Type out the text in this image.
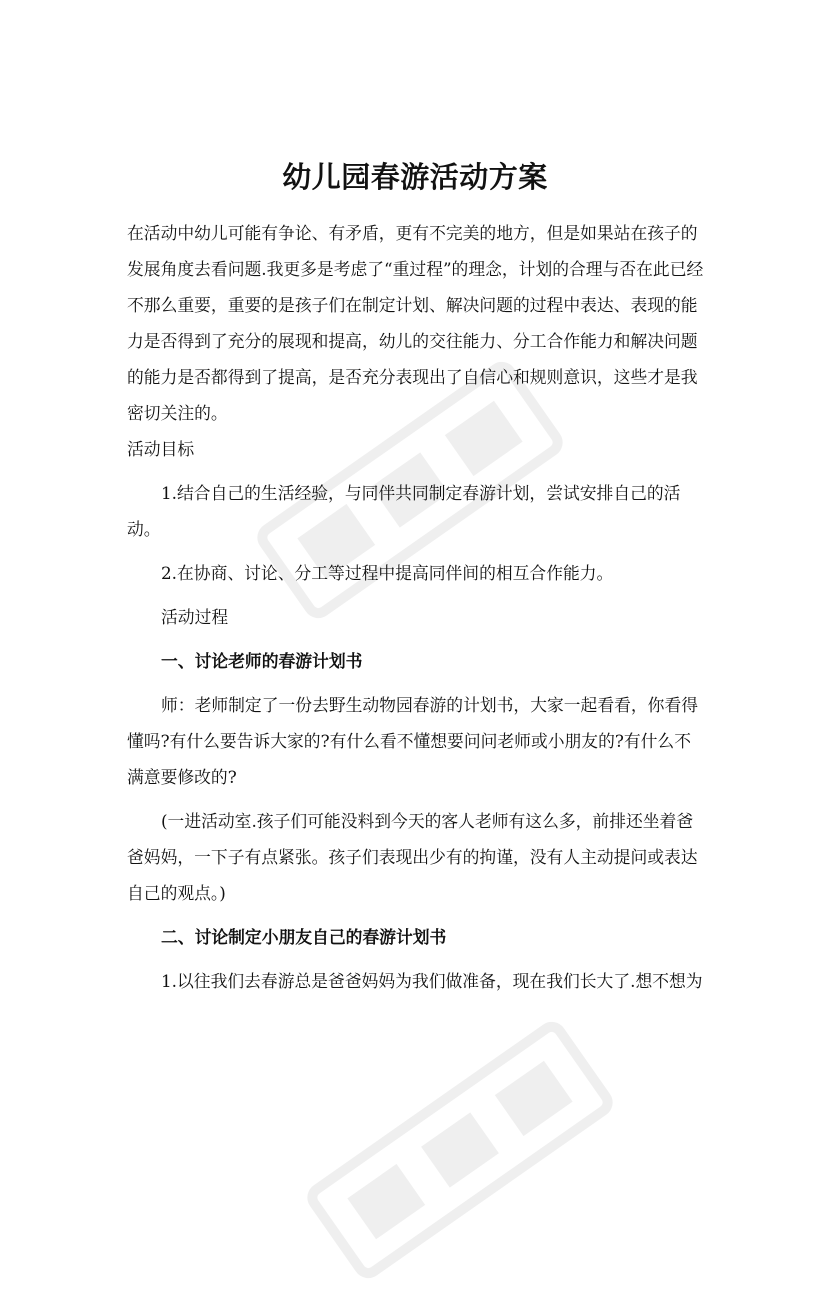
幼儿园春游活动方案

在活动中幼儿可能有争论、有矛盾，更有不完美的地方，但是如果站在孩子的发展角度去看问题.我更多是考虑了“重过程”的理念，计划的合理与否在此已经不那么重要，重要的是孩子们在制定计划、解决问题的过程中表达、表现的能力是否得到了充分的展现和提高，幼儿的交往能力、分工合作能力和解决问题的能力是否都得到了提高，是否充分表现出了自信心和规则意识，这些才是我密切关注的。

活动目标

1.结合自己的生活经验，与同伴共同制定春游计划，尝试安排自己的活动。

2.在协商、讨论、分工等过程中提高同伴间的相互合作能力。

活动过程

一、讨论老师的春游计划书

师：老师制定了一份去野生动物园春游的计划书，大家一起看看，你看得懂吗?有什么要告诉大家的?有什么看不懂想要问问老师或小朋友的?有什么不满意要修改的?

(一进活动室.孩子们可能没料到今天的客人老师有这么多，前排还坐着爸爸妈妈，一下子有点紧张。孩子们表现出少有的拘谨，没有人主动提问或表达自己的观点。)

二、讨论制定小朋友自己的春游计划书

1.以往我们去春游总是爸爸妈妈为我们做准备，现在我们长大了.想不想为
